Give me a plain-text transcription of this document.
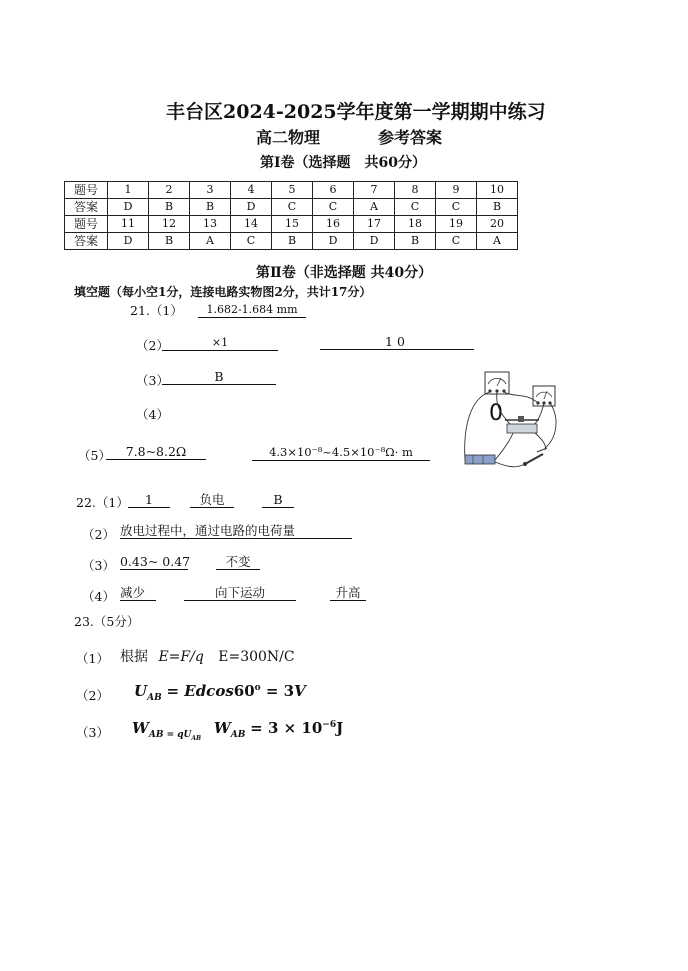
丰台区2024-2025学年度第一学期期中练习
高二物理	参考答案
第Ⅰ卷（选择题　共60分）
题号	1	2	3	4	5	6	7	8	9	10
答案	D	B	B	D	C	C	A	C	C	B
题号	11	12	13	14	15	16	17	18	19	20
答案	D	B	A	C	B	D	D	B	C	A
第Ⅱ卷（非选择题 共40分）
填空题（每小空1分，连接电路实物图2分，共计17分）
21.（1）	1.682-1.684 mm
（2）	×1	10
（3）	B
（4）	0
（5）	7.8~8.2Ω	4.3×10⁻⁸~4.5×10⁻⁸Ω· m
22.（1）	1	负电	B
（2） 放电过程中，通过电路的电荷量
（3） 0.43~ 0.47	不变
（4） 减少	向下运动	升高
23.（5分）
（1） 根据 E=F/q E=300N/C
（2） $U_{AB} = Edcos60^o = 3V$
（3） $W_{AB = qU_{AB}}$ $W_{AB} = 3 \times 10^{-6}J$
